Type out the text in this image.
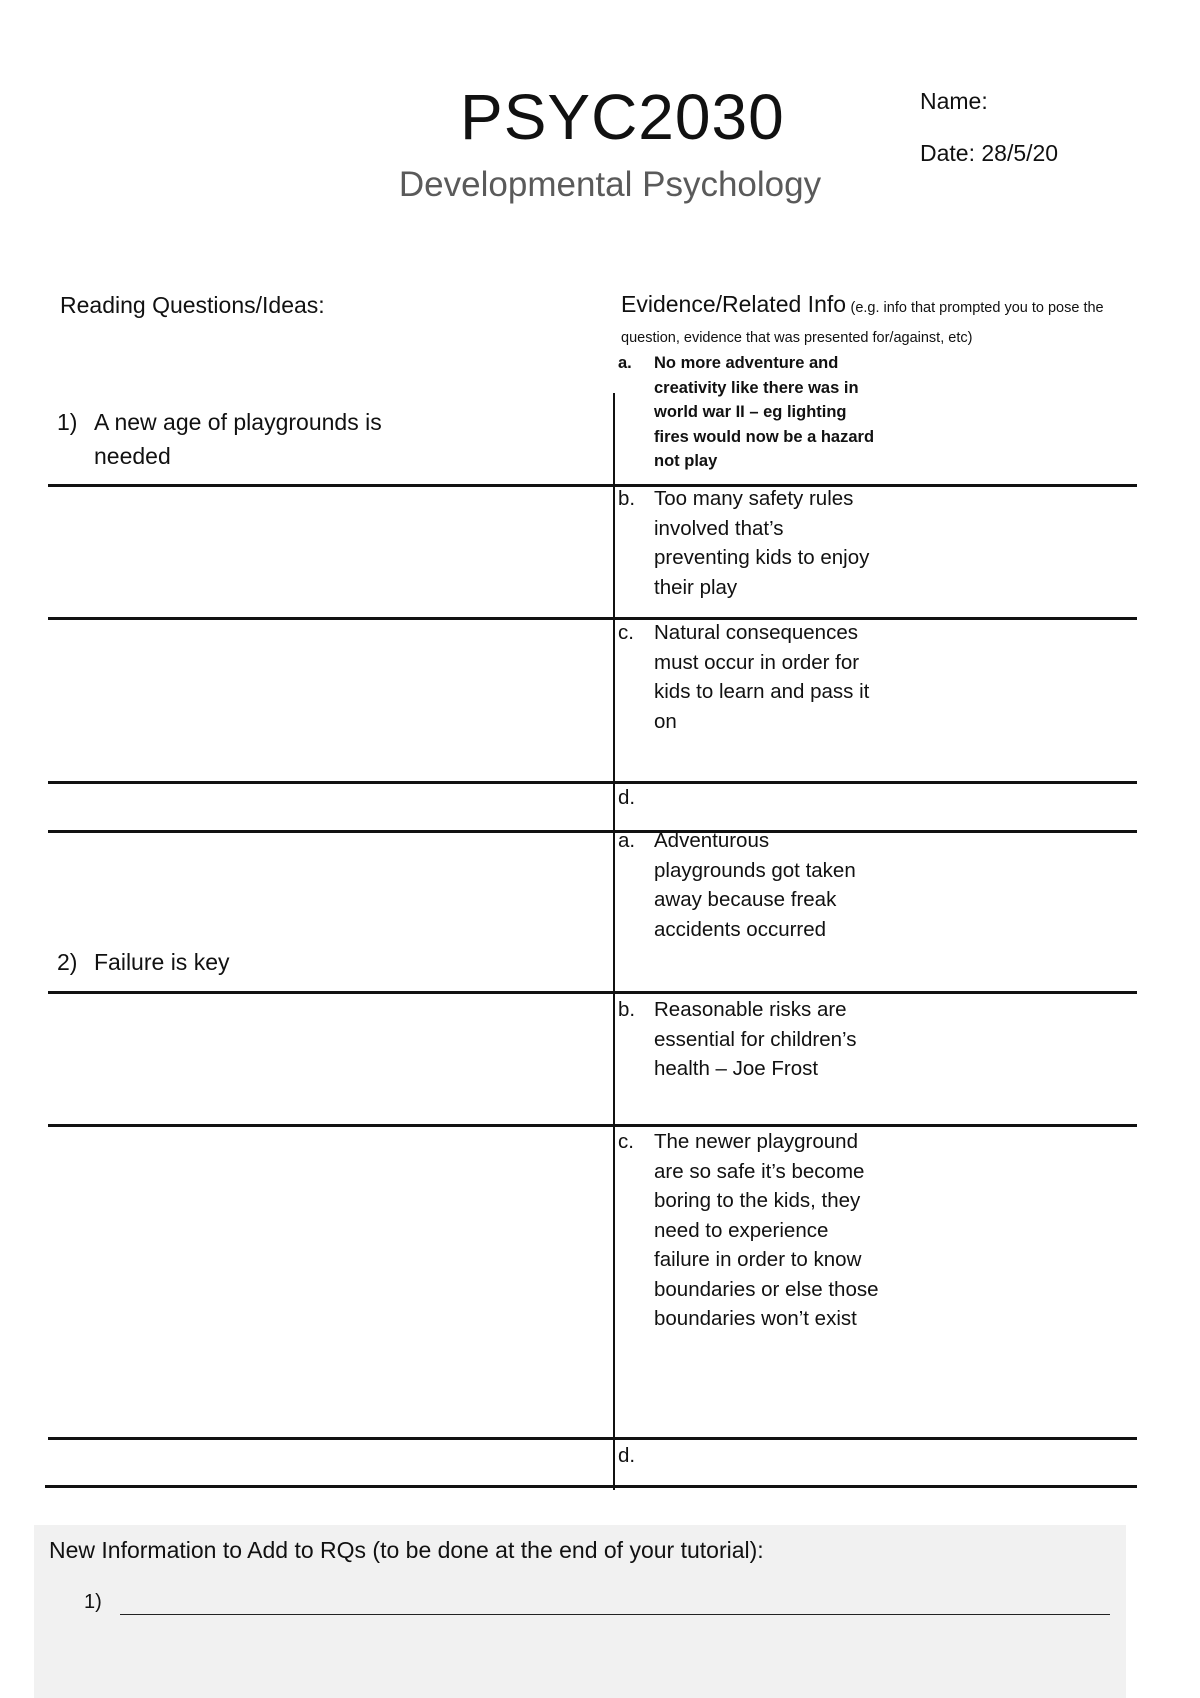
PSYC2030
Developmental Psychology
Name:
Date: 28/5/20
Reading Questions/Ideas:	Evidence/Related Info (e.g. info that prompted you to pose the question, evidence that was presented for/against, etc)
1) A new age of playgrounds is needed
2) Failure is key
a.	No more adventure and creativity like there was in world war II – eg lighting fires would now be a hazard not play
b. Too many safety rules involved that’s preventing kids to enjoy their play
c. Natural consequences must occur in order for kids to learn and pass it on
d.
a. Adventurous playgrounds got taken away because freak accidents occurred
b. Reasonable risks are essential for children’s health – Joe Frost
c. The newer playground are so safe it’s become boring to the kids, they need to experience failure in order to know boundaries or else those boundaries won’t exist
d.
New Information to Add to RQs (to be done at the end of your tutorial):
1)
